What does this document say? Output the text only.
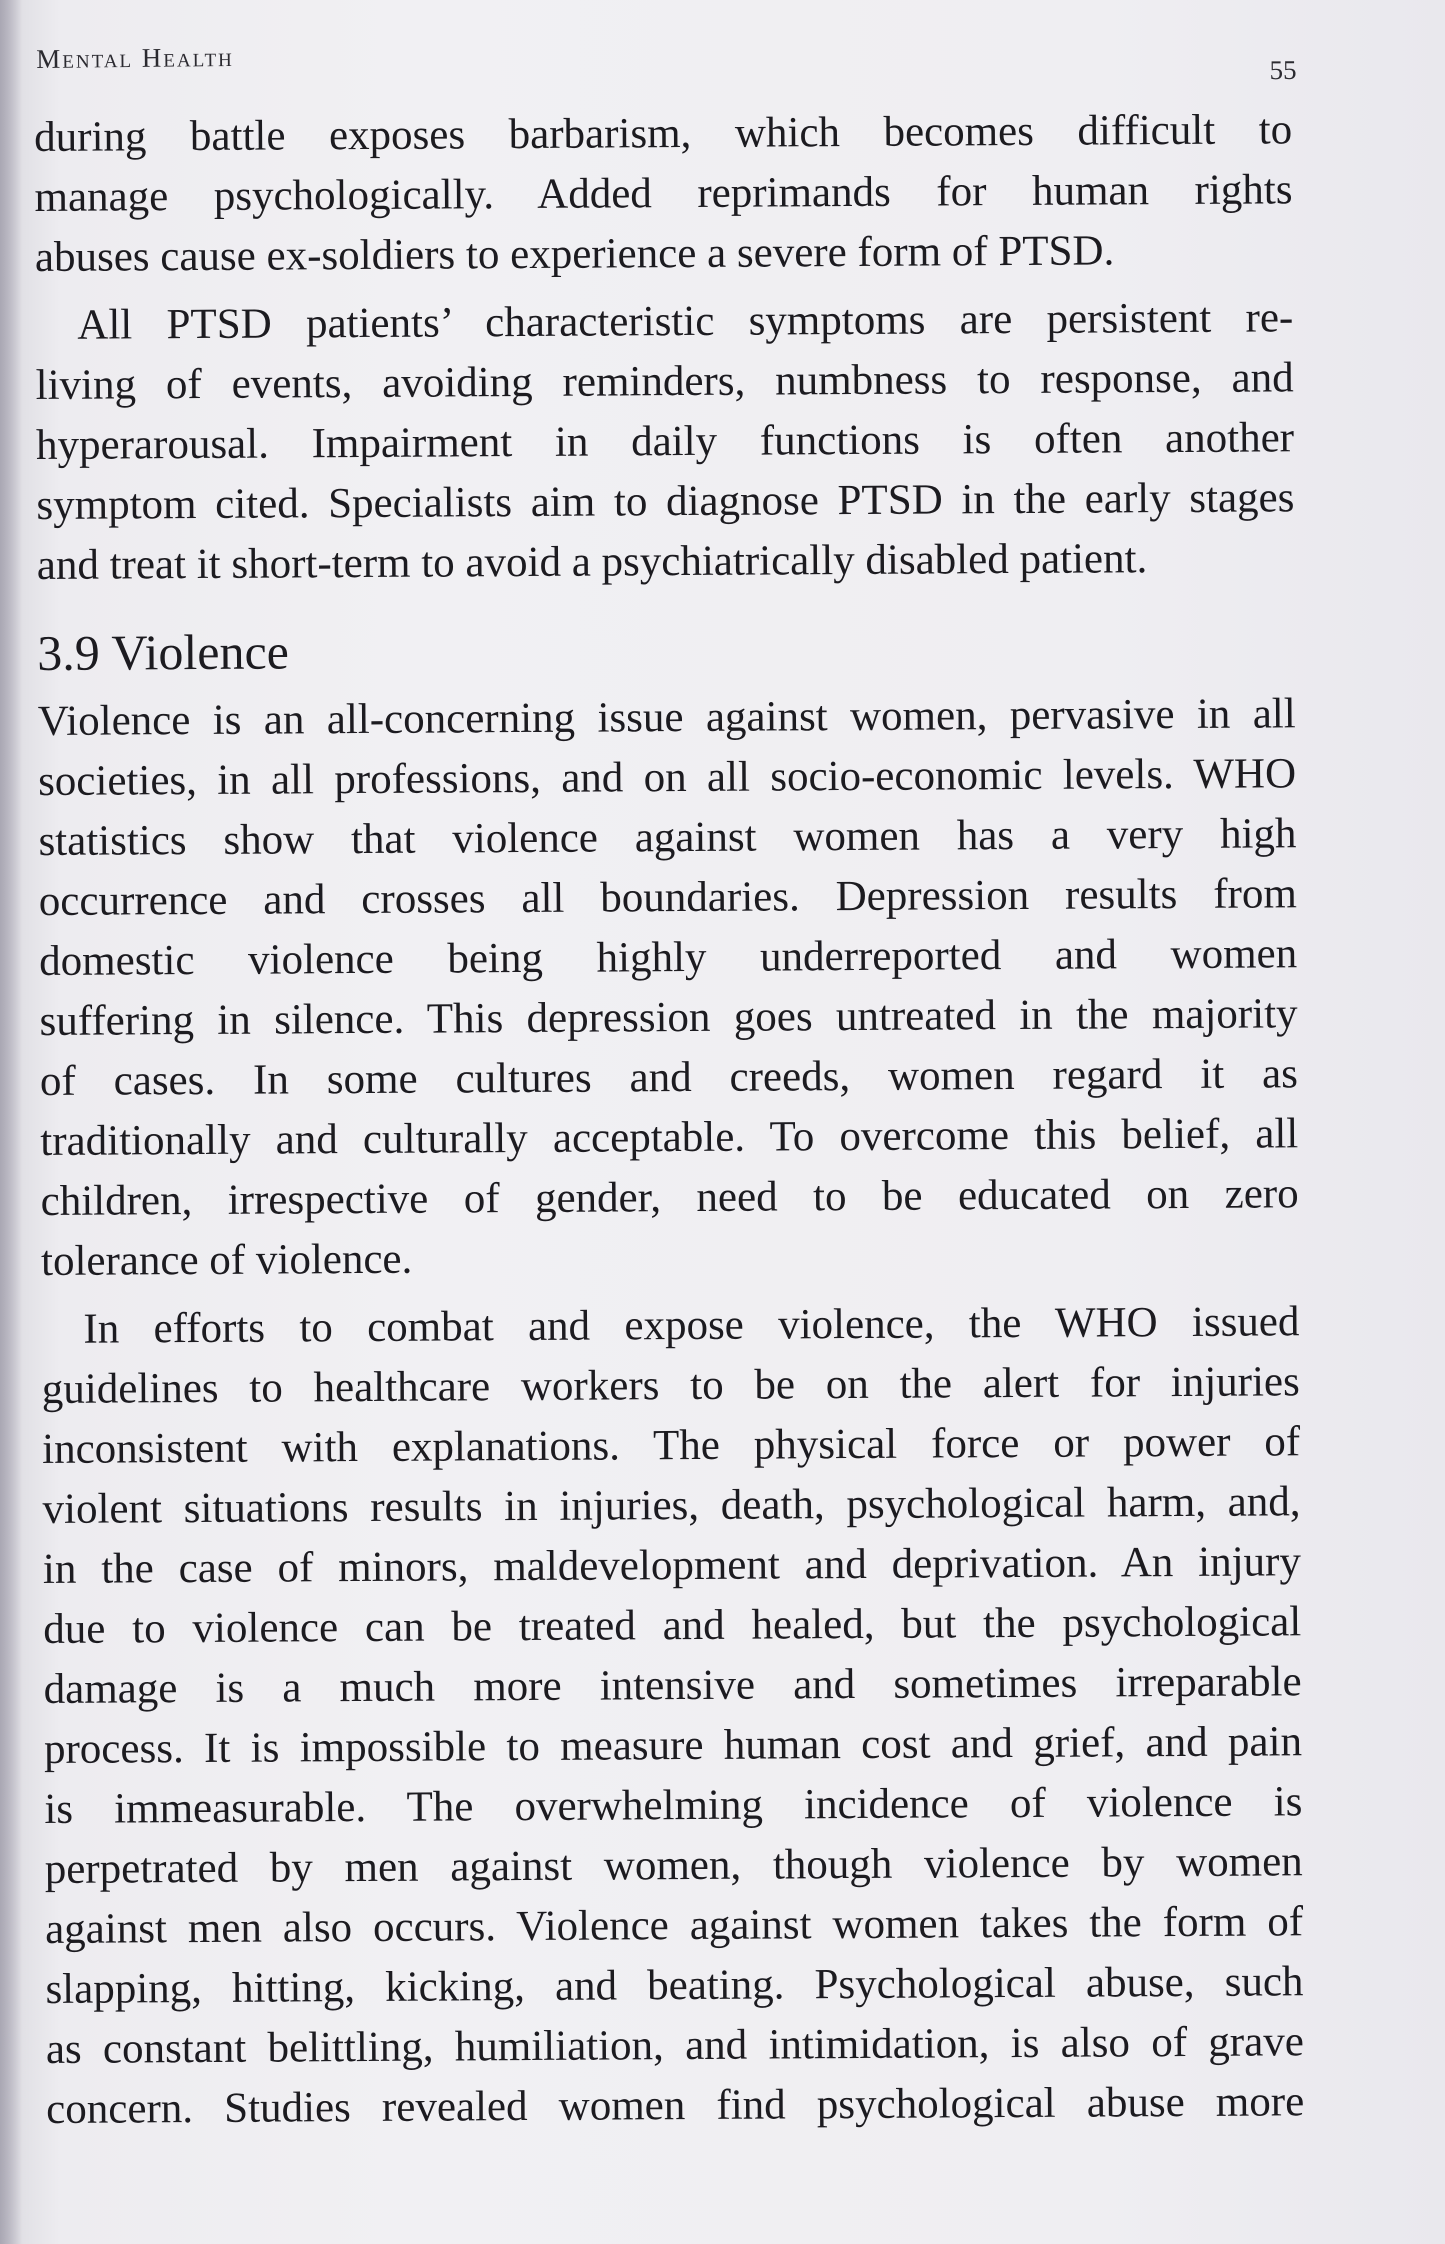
Mental Health	55

during battle exposes barbarism, which becomes difficult to
manage psychologically. Added reprimands for human rights
abuses cause ex-soldiers to experience a severe form of PTSD.

All PTSD patients’ characteristic symptoms are persistent re-
living of events, avoiding reminders, numbness to response, and
hyperarousal. Impairment in daily functions is often another
symptom cited. Specialists aim to diagnose PTSD in the early stages
and treat it short-term to avoid a psychiatrically disabled patient.

3.9 Violence

Violence is an all-concerning issue against women, pervasive in all
societies, in all professions, and on all socio-economic levels. WHO
statistics show that violence against women has a very high
occurrence and crosses all boundaries. Depression results from
domestic violence being highly underreported and women
suffering in silence. This depression goes untreated in the majority
of cases. In some cultures and creeds, women regard it as
traditionally and culturally acceptable. To overcome this belief, all
children, irrespective of gender, need to be educated on zero
tolerance of violence.

In efforts to combat and expose violence, the WHO issued
guidelines to healthcare workers to be on the alert for injuries
inconsistent with explanations. The physical force or power of
violent situations results in injuries, death, psychological harm, and,
in the case of minors, maldevelopment and deprivation. An injury
due to violence can be treated and healed, but the psychological
damage is a much more intensive and sometimes irreparable
process. It is impossible to measure human cost and grief, and pain
is immeasurable. The overwhelming incidence of violence is
perpetrated by men against women, though violence by women
against men also occurs. Violence against women takes the form of
slapping, hitting, kicking, and beating. Psychological abuse, such
as constant belittling, humiliation, and intimidation, is also of grave
concern. Studies revealed women find psychological abuse more
